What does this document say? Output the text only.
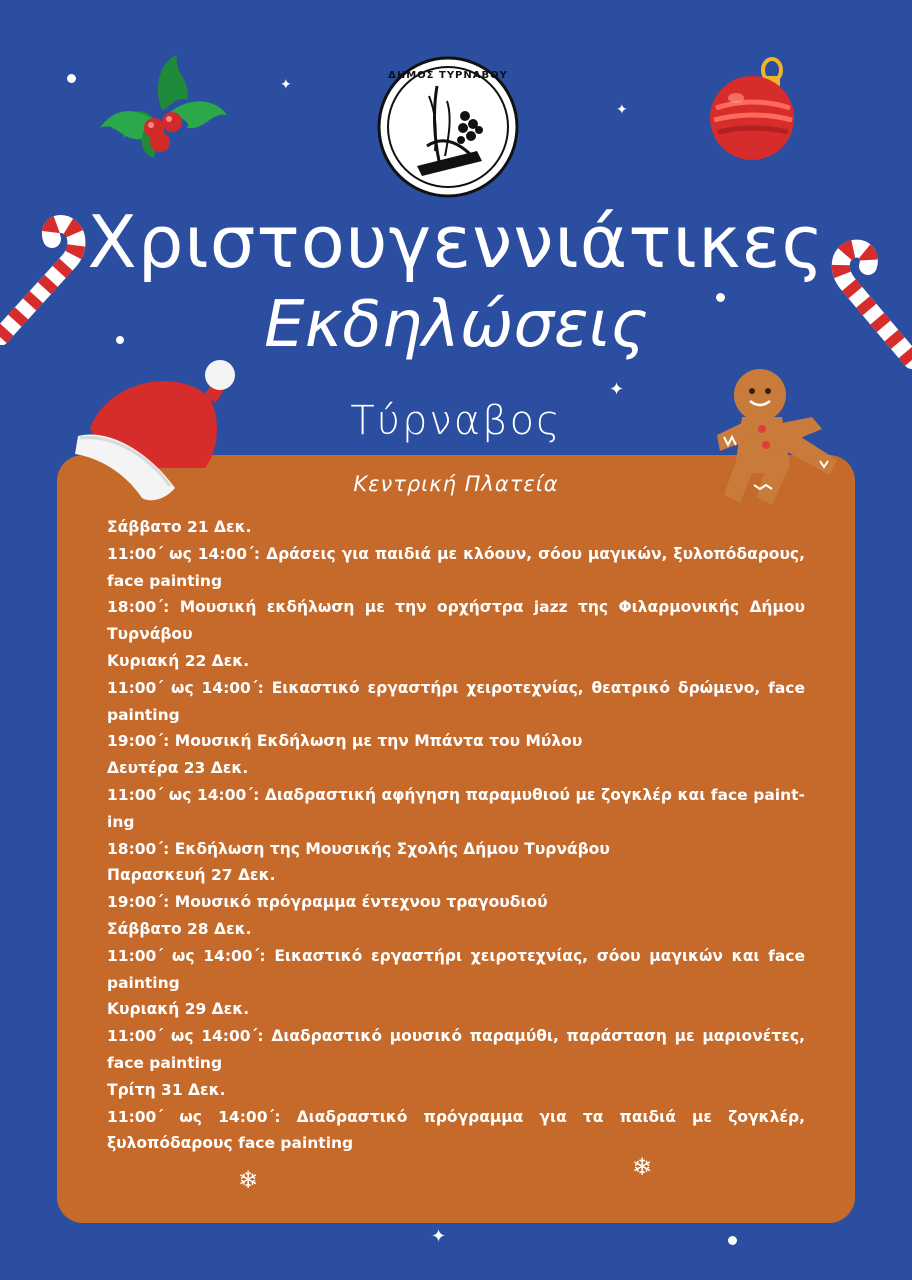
✦
✦
✦
✦
ΔΗΜΟΣ ΤΥΡΝΑΒΟΥ
Χριστουγεννιάτικες
Εκδηλώσεις
Τύρναβος
Κεντρική Πλατεία
Σάββατο 21 Δεκ.
11:00΄ ως 14:00΄: Δράσεις για παιδιά με κλόουν, σόου μαγικών, ξυλοπόδαρους,
face painting
18:00΄: Μουσική εκδήλωση με την ορχήστρα jazz της Φιλαρμονικής Δήμου
Τυρνάβου
Κυριακή 22 Δεκ.
11:00΄ ως 14:00΄: Εικαστικό εργαστήρι χειροτεχνίας, θεατρικό δρώμενο, face
painting
19:00΄: Μουσική Εκδήλωση με την Μπάντα του Μύλου
Δευτέρα 23 Δεκ.
11:00΄ ως 14:00΄: Διαδραστική αφήγηση παραμυθιού με ζογκλέρ και face paint-
ing
18:00΄: Εκδήλωση της Μουσικής Σχολής Δήμου Τυρνάβου
Παρασκευή 27 Δεκ.
19:00΄: Μουσικό πρόγραμμα έντεχνου τραγουδιού
Σάββατο 28 Δεκ.
11:00΄ ως 14:00΄: Εικαστικό εργαστήρι χειροτεχνίας, σόου μαγικών και face
painting
Κυριακή 29 Δεκ.
11:00΄ ως 14:00΄: Διαδραστικό μουσικό παραμύθι, παράσταση με μαριονέτες,
face painting
Τρίτη 31 Δεκ.
11:00΄ ως 14:00΄: Διαδραστικό πρόγραμμα για τα παιδιά με ζογκλέρ,
ξυλοπόδαρους face painting
❄	❄
